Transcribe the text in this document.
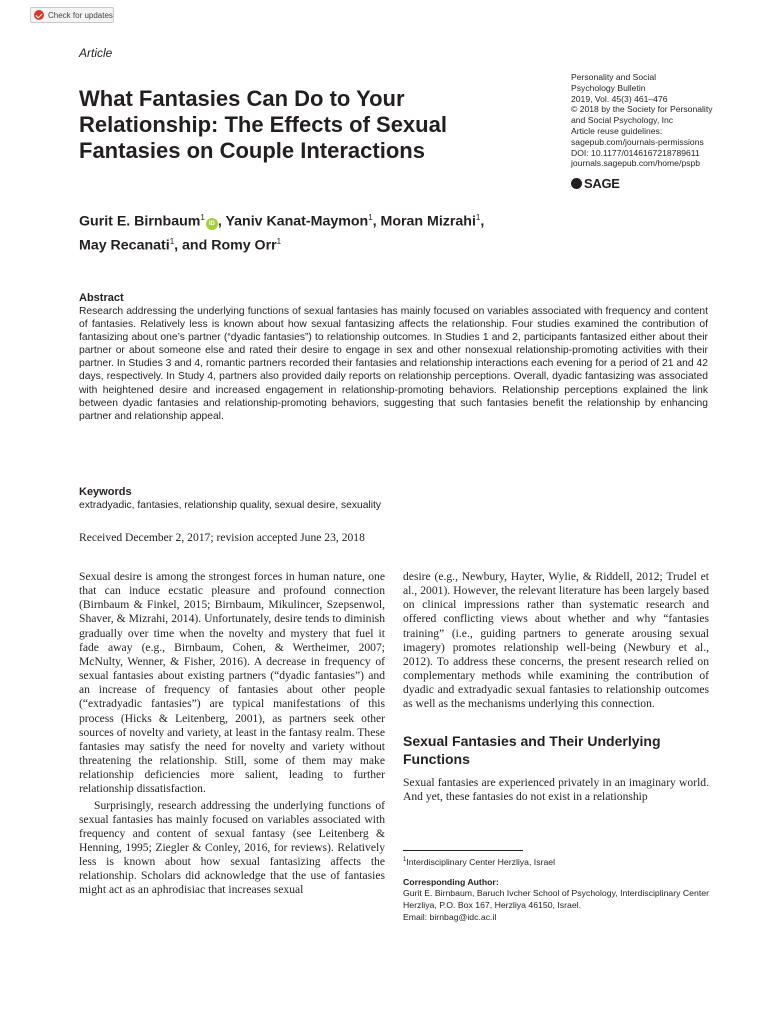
Check for updates
Article
What Fantasies Can Do to Your Relationship: The Effects of Sexual Fantasies on Couple Interactions
Personality and Social
Psychology Bulletin
2019, Vol. 45(3) 461–476
© 2018 by the Society for Personality
and Social Psychology, Inc
Article reuse guidelines:
sagepub.com/journals-permissions
DOI: 10.1177/0146167218789611
journals.sagepub.com/home/pspb
SAGE
Gurit E. Birnbaum$^1$iD , Yaniv Kanat-Maymon$^1$, Moran Mizrahi$^1$,
May Recanati$^1$, and Romy Orr$^1$
Abstract

Research addressing the underlying functions of sexual fantasies has mainly focused on variables associated with frequency and content of fantasies. Relatively less is known about how sexual fantasizing affects the relationship. Four studies examined the contribution of fantasizing about one’s partner (“dyadic fantasies”) to relationship outcomes. In Studies 1 and 2, participants fantasized either about their partner or about someone else and rated their desire to engage in sex and other nonsexual relationship-promoting activities with their partner. In Studies 3 and 4, romantic partners recorded their fantasies and relationship interactions each evening for a period of 21 and 42 days, respectively. In Study 4, partners also provided daily reports on relationship perceptions. Overall, dyadic fantasizing was associated with heightened desire and increased engagement in relationship-promoting behaviors. Relationship perceptions explained the link between dyadic fantasies and relationship-promoting behaviors, suggesting that such fantasies benefit the relationship by enhancing partner and relationship appeal.

Keywords

extradyadic, fantasies, relationship quality, sexual desire, sexuality

Received December 2, 2017; revision accepted June 23, 2018

Sexual desire is among the strongest forces in human nature, one that can induce ecstatic pleasure and profound connection (Birnbaum & Finkel, 2015; Birnbaum, Mikulincer, Szepsenwol, Shaver, & Mizrahi, 2014). Unfortunately, desire tends to diminish gradually over time when the novelty and mystery that fuel it fade away (e.g., Birnbaum, Cohen, & Wertheimer, 2007; McNulty, Wenner, & Fisher, 2016). A decrease in frequency of sexual fantasies about existing partners (“dyadic fantasies”) and an increase of frequency of fantasies about other people (“extradyadic fantasies”) are typical manifestations of this process (Hicks & Leitenberg, 2001), as partners seek other sources of novelty and variety, at least in the fantasy realm. These fantasies may satisfy the need for novelty and variety without threatening the relationship. Still, some of them may make relationship deficiencies more salient, leading to further relationship dissatisfaction.

Surprisingly, research addressing the underlying functions of sexual fantasies has mainly focused on variables associated with frequency and content of sexual fantasy (see Leitenberg & Henning, 1995; Ziegler & Conley, 2016, for reviews). Relatively less is known about how sexual fantasizing affects the relationship. Scholars did acknowledge that the use of fantasies might act as an aphrodisiac that increases sexual

desire (e.g., Newbury, Hayter, Wylie, & Riddell, 2012; Trudel et al., 2001). However, the relevant literature has been largely based on clinical impressions rather than systematic research and offered conflicting views about whether and why “fantasies training” (i.e., guiding partners to generate arousing sexual imagery) promotes relationship well-being (Newbury et al., 2012). To address these concerns, the present research relied on complementary methods while examining the contribution of dyadic and extradyadic sexual fantasies to relationship outcomes as well as the mechanisms underlying this connection.

Sexual Fantasies and Their Underlying Functions

Sexual fantasies are experienced privately in an imaginary world. And yet, these fantasies do not exist in a relationship

$^1$Interdisciplinary Center Herzliya, Israel
Corresponding Author:
Gurit E. Birnbaum, Baruch Ivcher School of Psychology, Interdisciplinary Center Herzliya, P.O. Box 167, Herzliya 46150, Israel.
Email: birnbag@idc.ac.il
